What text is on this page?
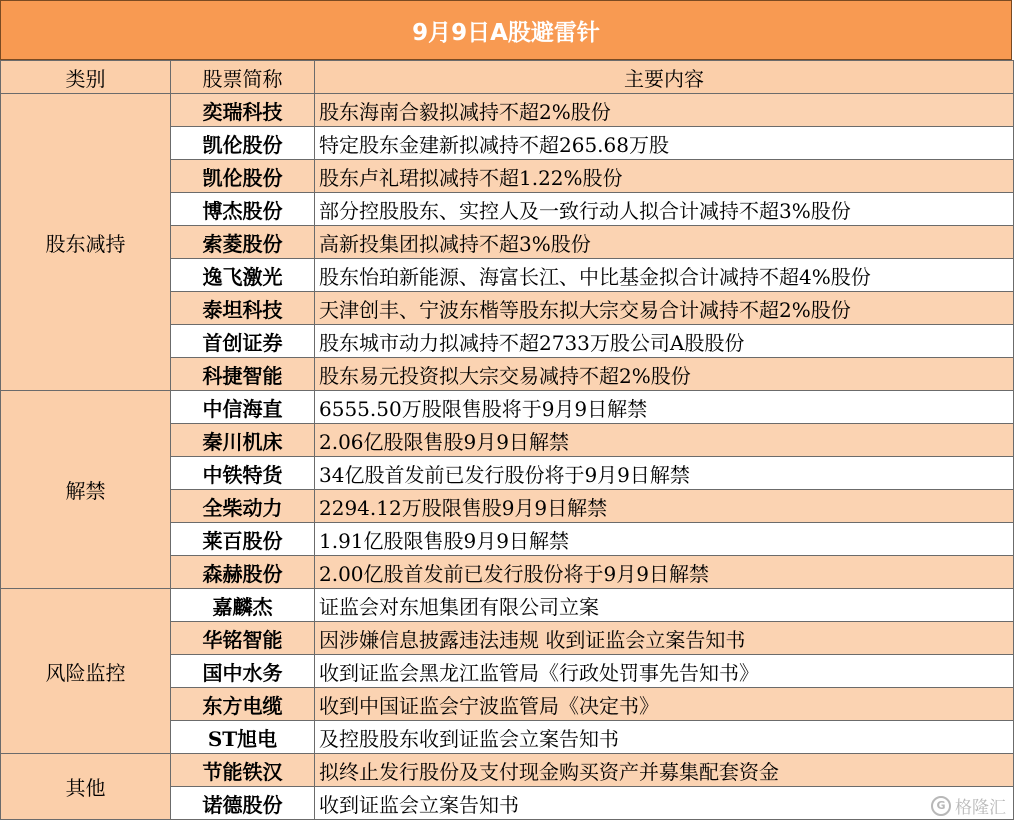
9月9日A股避雷针
类别	股票简称	主要内容
股东减持	奕瑞科技	股东海南合毅拟减持不超2%股份
	凯伦股份	特定股东金建新拟减持不超265.68万股
	凯伦股份	股东卢礼珺拟减持不超1.22%股份
	博杰股份	部分控股股东、实控人及一致行动人拟合计减持不超3%股份
	索菱股份	高新投集团拟减持不超3%股份
	逸飞激光	股东怡珀新能源、海富长江、中比基金拟合计减持不超4%股份
	泰坦科技	天津创丰、宁波东楷等股东拟大宗交易合计减持不超2%股份
	首创证券	股东城市动力拟减持不超2733万股公司A股股份
	科捷智能	股东易元投资拟大宗交易减持不超2%股份
解禁	中信海直	6555.50万股限售股将于9月9日解禁
	秦川机床	2.06亿股限售股9月9日解禁
	中铁特货	34亿股首发前已发行股份将于9月9日解禁
	全柴动力	2294.12万股限售股9月9日解禁
	莱百股份	1.91亿股限售股9月9日解禁
	森赫股份	2.00亿股首发前已发行股份将于9月9日解禁
风险监控	嘉麟杰	证监会对东旭集团有限公司立案
	华铭智能	因涉嫌信息披露违法违规 收到证监会立案告知书
	国中水务	收到证监会黑龙江监管局《行政处罚事先告知书》
	东方电缆	收到中国证监会宁波监管局《决定书》
	ST旭电	及控股股东收到证监会立案告知书
其他	节能铁汉	拟终止发行股份及支付现金购买资产并募集配套资金
	诺德股份	收到证监会立案告知书	G 格隆汇
